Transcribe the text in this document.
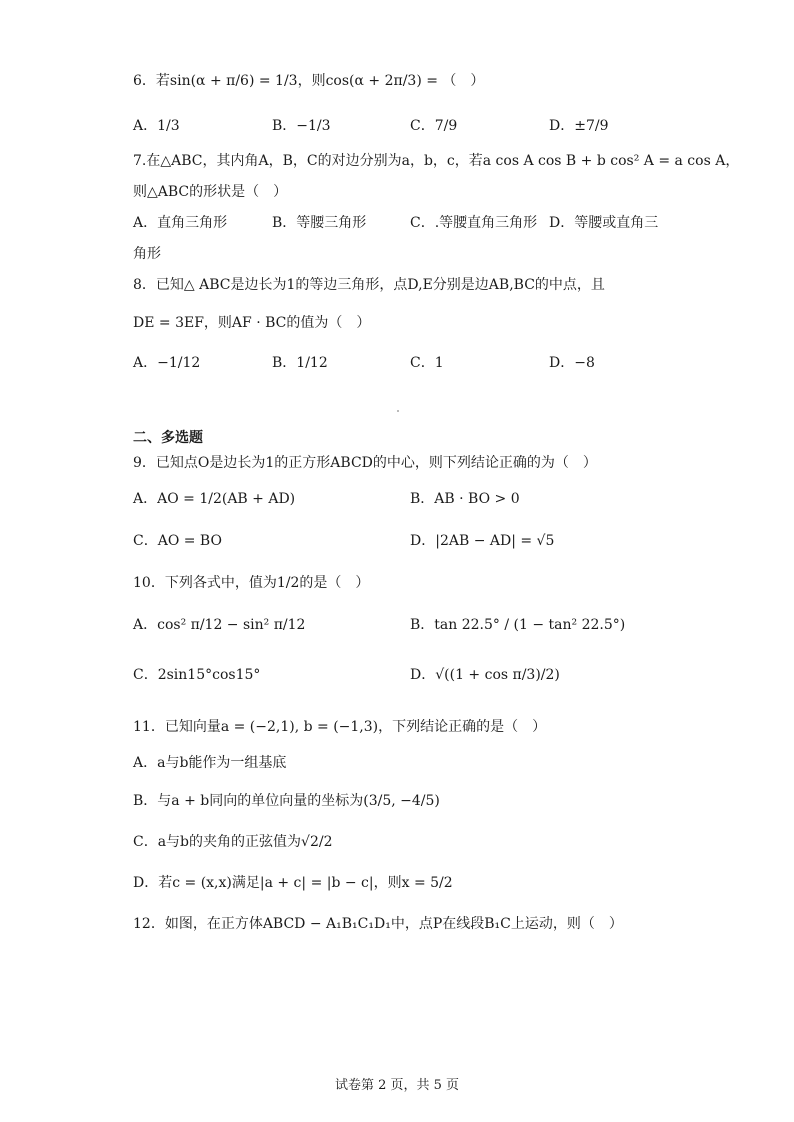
6．若sin(α + π/6) = 1/3，则cos(α + 2π/3) = （　）
A．1/3	B．−1/3	C．7/9	D．±7/9
7.在△ABC，其内角A，B，C的对边分别为a，b，c，若a cos A cos B + b cos² A = a cos A，
则△ABC的形状是（　）
A．直角三角形	B．等腰三角形	C．.等腰直角三角形 D．等腰或直角三
角形
8．已知△ ABC是边长为1的等边三角形，点D,E分别是边AB,BC的中点，且
DE = 3EF，则AF · BC的值为（　）
A．−1/12	B．1/12	C．1	D．−8
二、多选题
9．已知点O是边长为1的正方形ABCD的中心，则下列结论正确的为（　）
A．AO = 1/2(AB + AD)	B．AB · BO > 0
C．AO = BO	D．|2AB − AD| = √5
10．下列各式中，值为1/2的是（　）
A．cos² π/12 − sin² π/12	B．tan 22.5° / (1 − tan² 22.5°)
C．2sin15°cos15°	D．√((1 + cos π/3)/2)
11．已知向量a = (−2,1), b = (−1,3)，下列结论正确的是（　）
A．a与b能作为一组基底
B．与a + b同向的单位向量的坐标为(3/5, −4/5)
C．a与b的夹角的正弦值为√2/2
D．若c = (x,x)满足|a + c| = |b − c|，则x = 5/2
12．如图，在正方体ABCD − A₁B₁C₁D₁中，点P在线段B₁C上运动，则（　）
试卷第 2 页，共 5 页
